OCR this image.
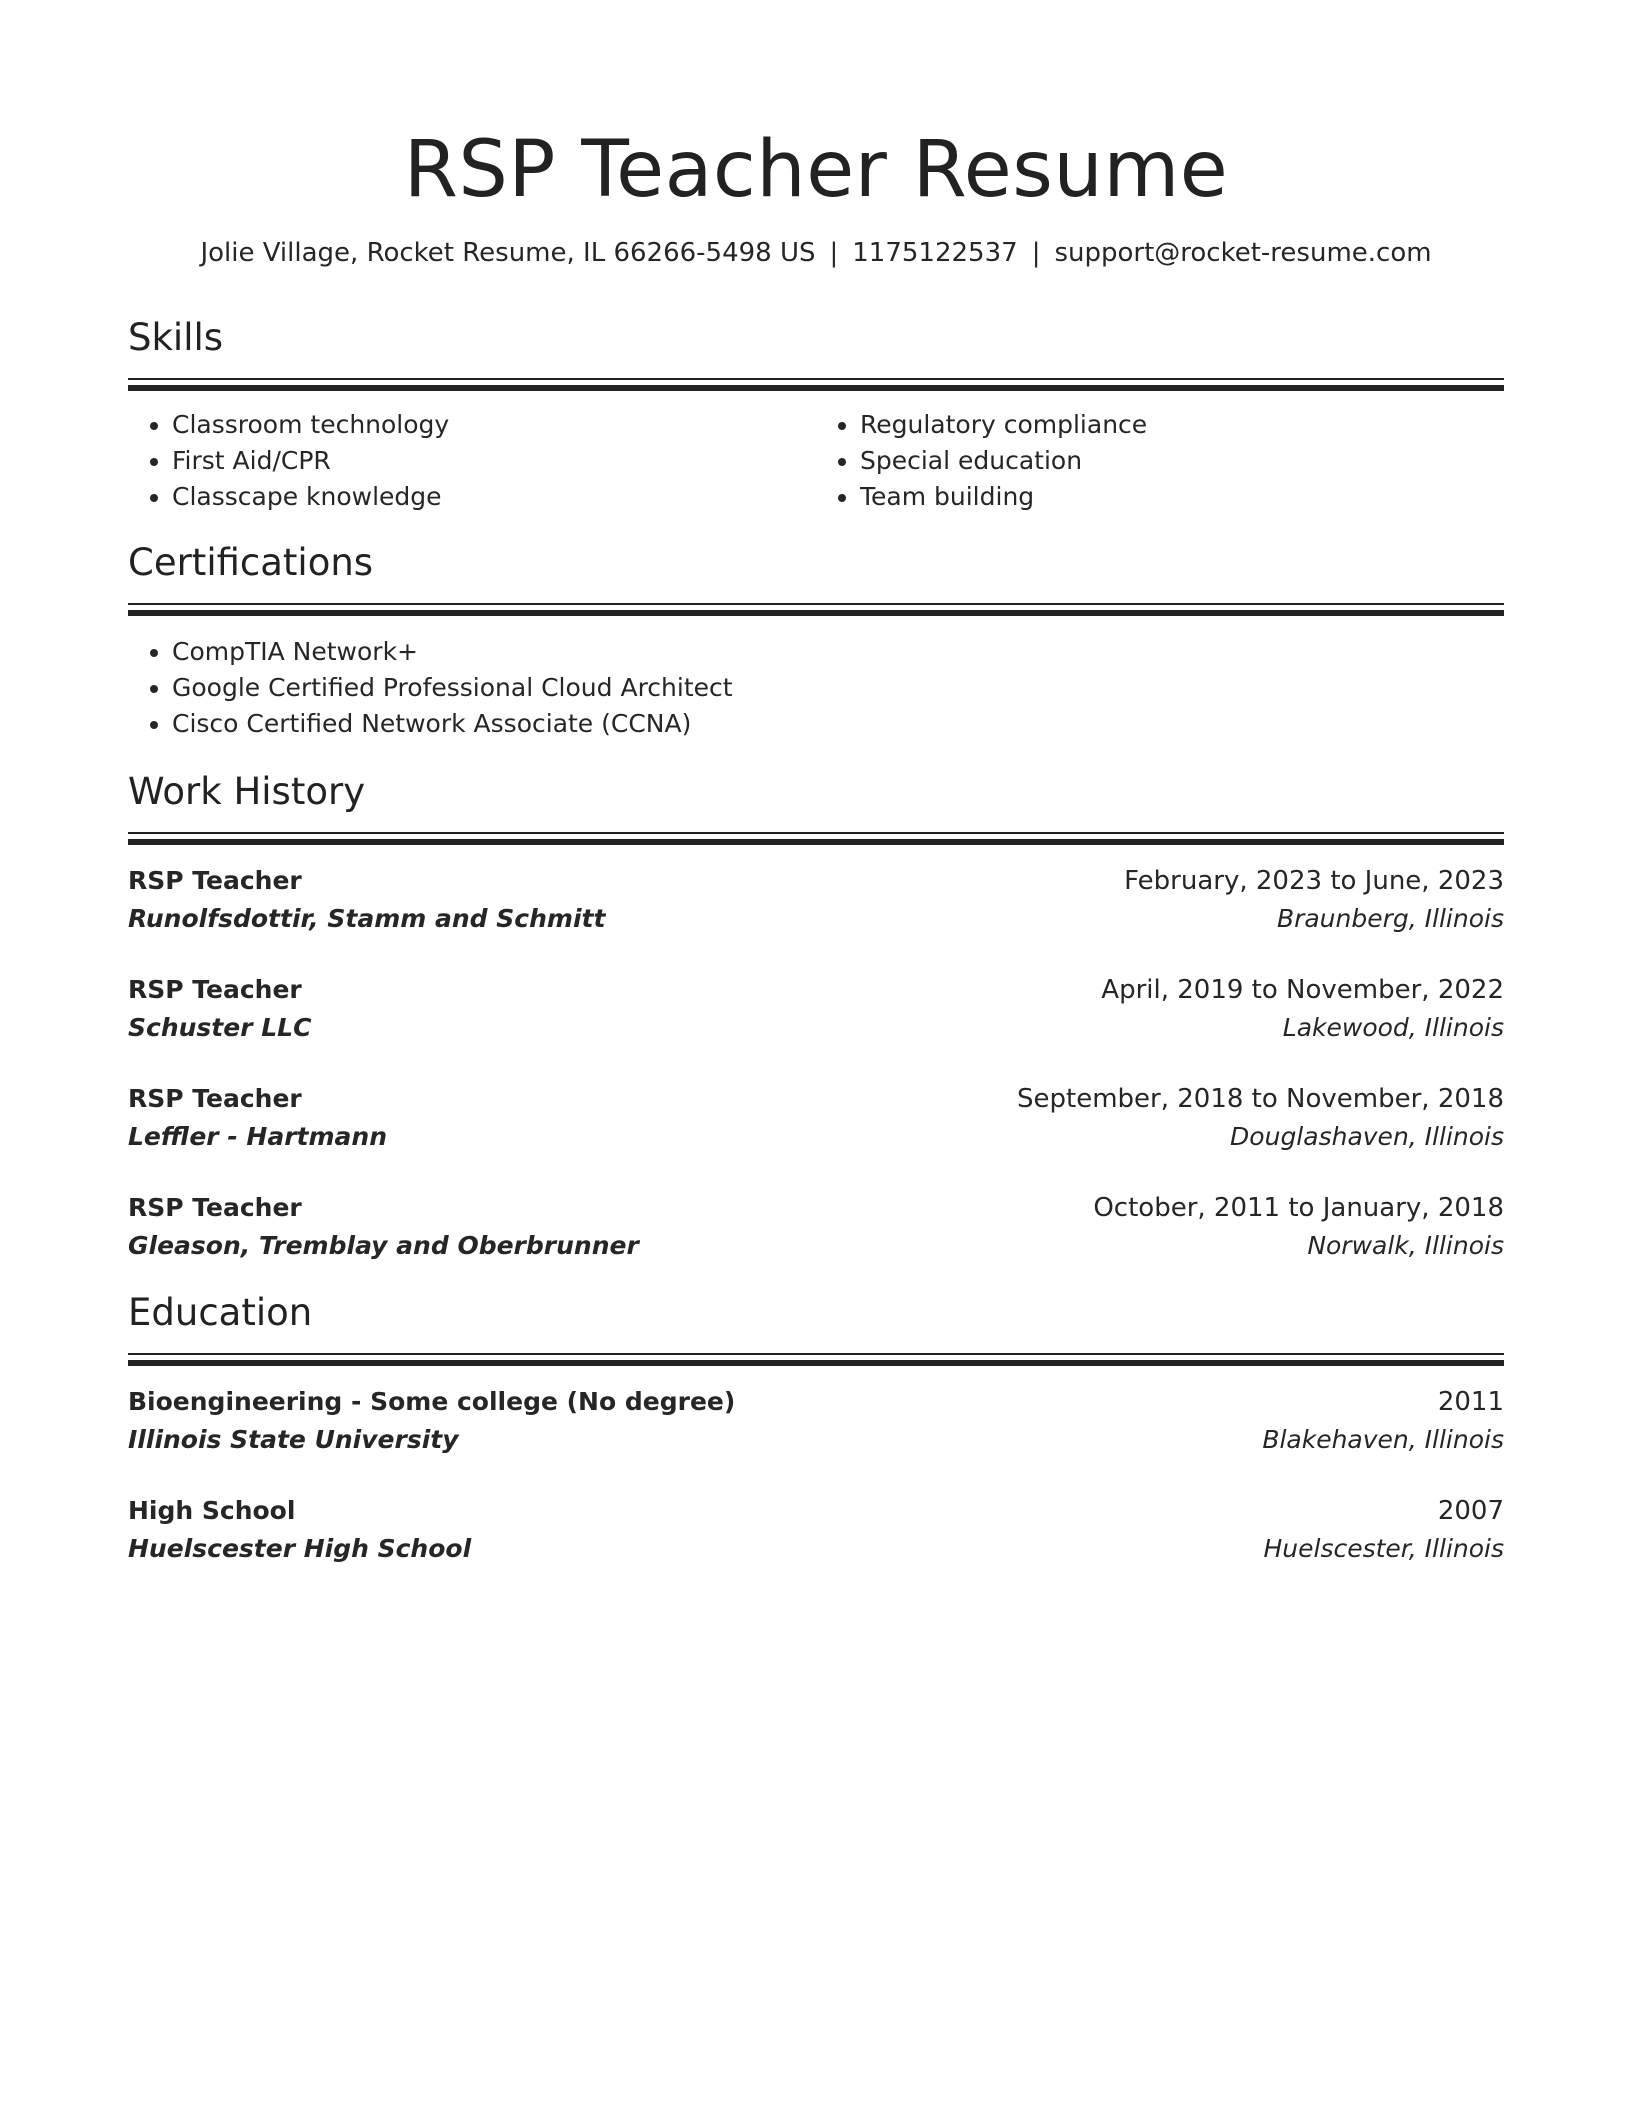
RSP Teacher Resume
Jolie Village, Rocket Resume, IL 66266-5498 US | 1175122537 | support@rocket-resume.com
Skills
• Classroom technology
• First Aid/CPR
• Classcape knowledge
• Regulatory compliance
• Special education
• Team building
Certifications
• CompTIA Network+
• Google Certified Professional Cloud Architect
• Cisco Certified Network Associate (CCNA)
Work History
RSP Teacher
Runolfsdottir, Stamm and Schmitt
February, 2023 to June, 2023
Braunberg, Illinois
RSP Teacher
Schuster LLC
April, 2019 to November, 2022
Lakewood, Illinois
RSP Teacher
Leffler - Hartmann
September, 2018 to November, 2018
Douglashaven, Illinois
RSP Teacher
Gleason, Tremblay and Oberbrunner
October, 2011 to January, 2018
Norwalk, Illinois
Education
Bioengineering - Some college (No degree)
Illinois State University
2011
Blakehaven, Illinois
High School
Huelscester High School
2007
Huelscester, Illinois
